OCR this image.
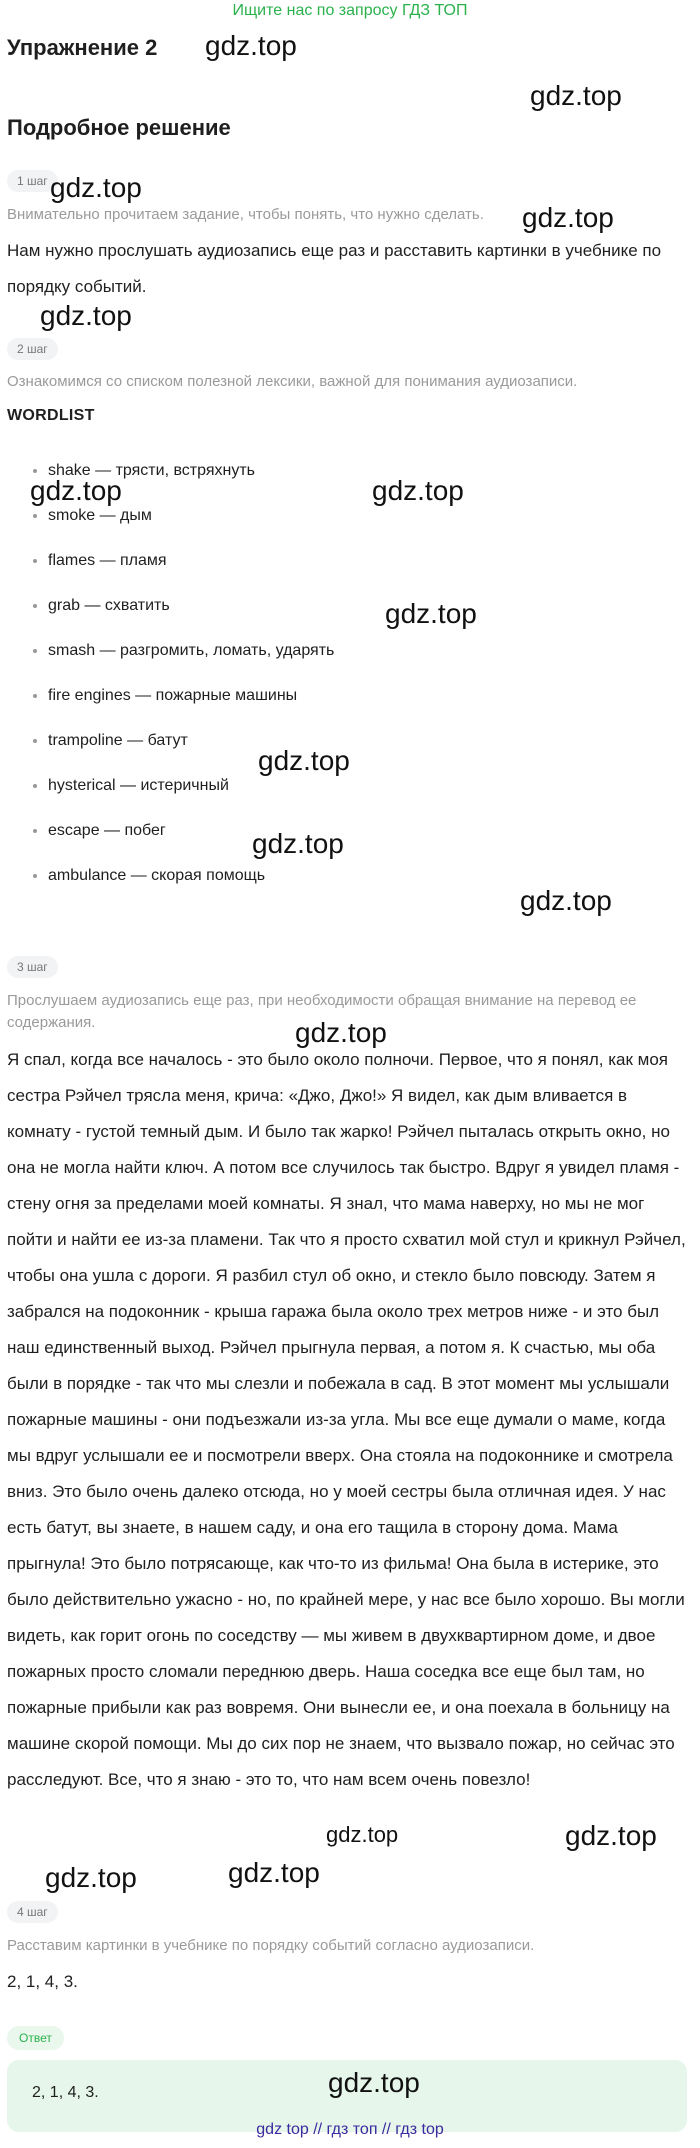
Ищите нас по запросу ГДЗ ТОП
Упражнение 2
Подробное решение
1 шаг
Внимательно прочитаем задание, чтобы понять, что нужно сделать.
Нам нужно прослушать аудиозапись еще раз и расставить картинки в учебнике по порядку событий.
2 шаг
Ознакомимся со списком полезной лексики, важной для понимания аудиозаписи.
WORDLIST
• shake — трясти, встряхнуть
• smoke — дым
• flames — пламя
• grab — схватить
• smash — разгромить, ломать, ударять
• fire engines — пожарные машины
• trampoline — батут
• hysterical — истеричный
• escape — побег
• ambulance — скорая помощь
3 шаг
Прослушаем аудиозапись еще раз, при необходимости обращая внимание на перевод ее содержания.
Я спал, когда все началось - это было около полночи. Первое, что я понял, как моя сестра Рэйчел трясла меня, крича: «Джо, Джо!» Я видел, как дым вливается в комнату - густой темный дым. И было так жарко! Рэйчел пыталась открыть окно, но она не могла найти ключ. А потом все случилось так быстро. Вдруг я увидел пламя - стену огня за пределами моей комнаты. Я знал, что мама наверху, но мы не мог пойти и найти ее из-за пламени. Так что я просто схватил мой стул и крикнул Рэйчел, чтобы она ушла с дороги. Я разбил стул об окно, и стекло было повсюду. Затем я забрался на подоконник - крыша гаража была около трех метров ниже - и это был наш единственный выход. Рэйчел прыгнула первая, а потом я. К счастью, мы оба были в порядке - так что мы слезли и побежала в сад. В этот момент мы услышали пожарные машины - они подъезжали из-за угла. Мы все еще думали о маме, когда мы вдруг услышали ее и посмотрели вверх. Она стояла на подоконнике и смотрела вниз. Это было очень далеко отсюда, но у моей сестры была отличная идея. У нас есть батут, вы знаете, в нашем саду, и она его тащила в сторону дома. Мама прыгнула! Это было потрясающе, как что-то из фильма! Она была в истерике, это было действительно ужасно - но, по крайней мере, у нас все было хорошо. Вы могли видеть, как горит огонь по соседству — мы живем в двухквартирном доме, и двое пожарных просто сломали переднюю дверь. Наша соседка все еще был там, но пожарные прибыли как раз вовремя. Они вынесли ее, и она поехала в больницу на машине скорой помощи. Мы до сих пор не знаем, что вызвало пожар, но сейчас это расследуют. Все, что я знаю - это то, что нам всем очень повезло!
4 шаг
Расставим картинки в учебнике по порядку событий согласно аудиозаписи.
2, 1, 4, 3.
Ответ
2, 1, 4, 3.
gdz top // гдз топ // гдз top
gdz.top
gdz.top
gdz.top
gdz.top
gdz.top
gdz.top	gdz.top
gdz.top
gdz.top
gdz.top
gdz.top
gdz.top
gdz.top
gdz.top
gdz.top
gdz.top
gdz.top
